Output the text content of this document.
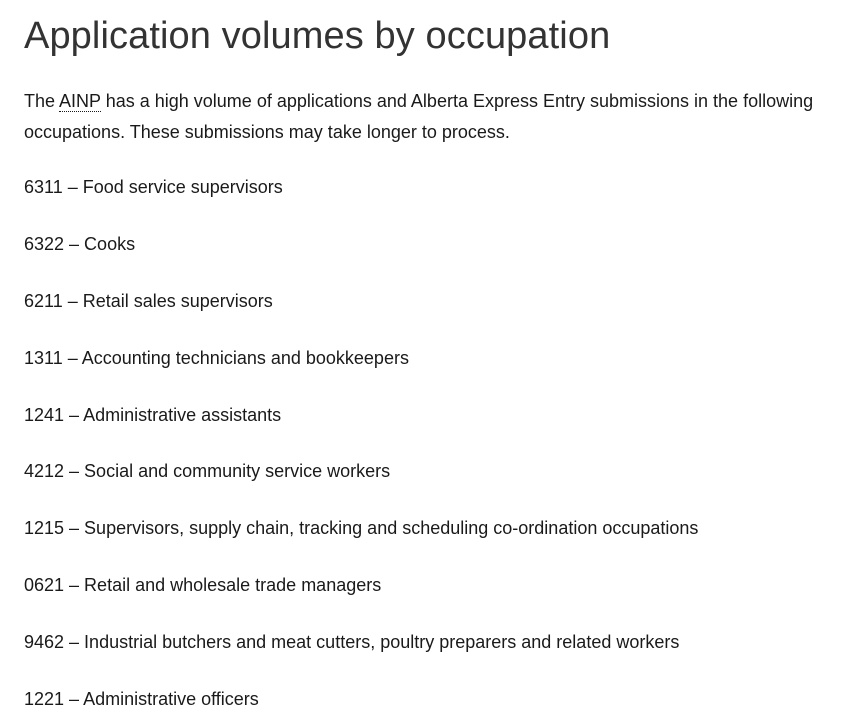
Application volumes by occupation

The AINP has a high volume of applications and Alberta Express Entry submissions in the following occupations. These submissions may take longer to process.

6311 – Food service supervisors
6322 – Cooks
6211 – Retail sales supervisors
1311 – Accounting technicians and bookkeepers
1241 – Administrative assistants
4212 – Social and community service workers
1215 – Supervisors, supply chain, tracking and scheduling co-ordination occupations
0621 – Retail and wholesale trade managers
9462 – Industrial butchers and meat cutters, poultry preparers and related workers
1221 – Administrative officers
